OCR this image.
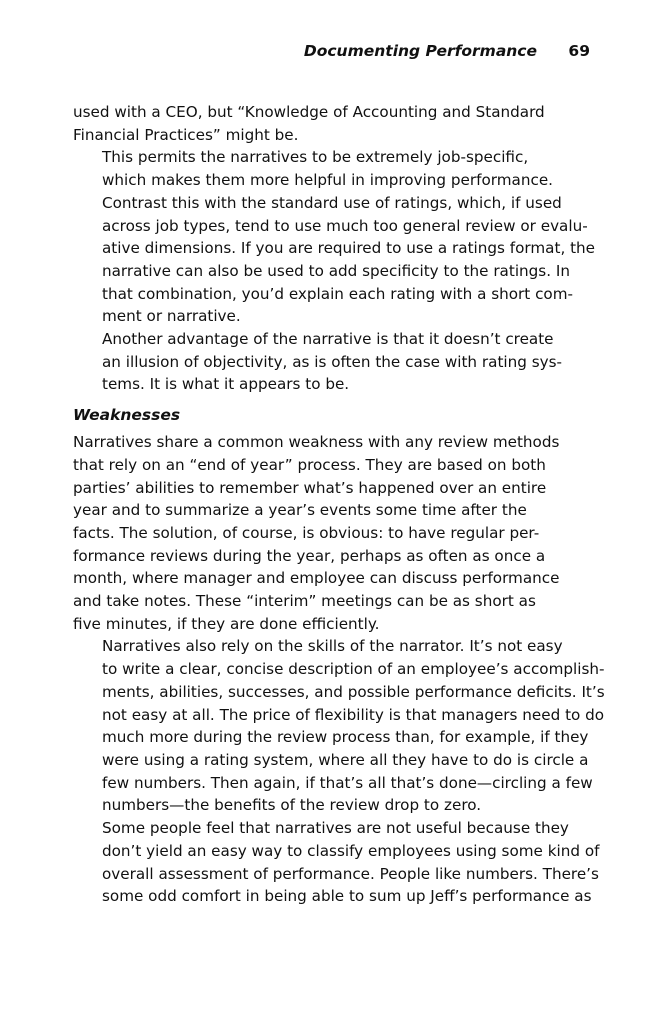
Documenting Performance 69

used with a CEO, but “Knowledge of Accounting and Standard
Financial Practices” might be.

This permits the narratives to be extremely job-specific,
which makes them more helpful in improving performance.
Contrast this with the standard use of ratings, which, if used
across job types, tend to use much too general review or evalu-
ative dimensions. If you are required to use a ratings format, the
narrative can also be used to add specificity to the ratings. In
that combination, you’d explain each rating with a short com-
ment or narrative.

Another advantage of the narrative is that it doesn’t create
an illusion of objectivity, as is often the case with rating sys-
tems. It is what it appears to be.

Weaknesses

Narratives share a common weakness with any review methods
that rely on an “end of year” process. They are based on both
parties’ abilities to remember what’s happened over an entire
year and to summarize a year’s events some time after the
facts. The solution, of course, is obvious: to have regular per-
formance reviews during the year, perhaps as often as once a
month, where manager and employee can discuss performance
and take notes. These “interim” meetings can be as short as
five minutes, if they are done efficiently.

Narratives also rely on the skills of the narrator. It’s not easy
to write a clear, concise description of an employee’s accomplish-
ments, abilities, successes, and possible performance deficits. It’s
not easy at all. The price of flexibility is that managers need to do
much more during the review process than, for example, if they
were using a rating system, where all they have to do is circle a
few numbers. Then again, if that’s all that’s done—circling a few
numbers—the benefits of the review drop to zero.

Some people feel that narratives are not useful because they
don’t yield an easy way to classify employees using some kind of
overall assessment of performance. People like numbers. There’s
some odd comfort in being able to sum up Jeff’s performance as
